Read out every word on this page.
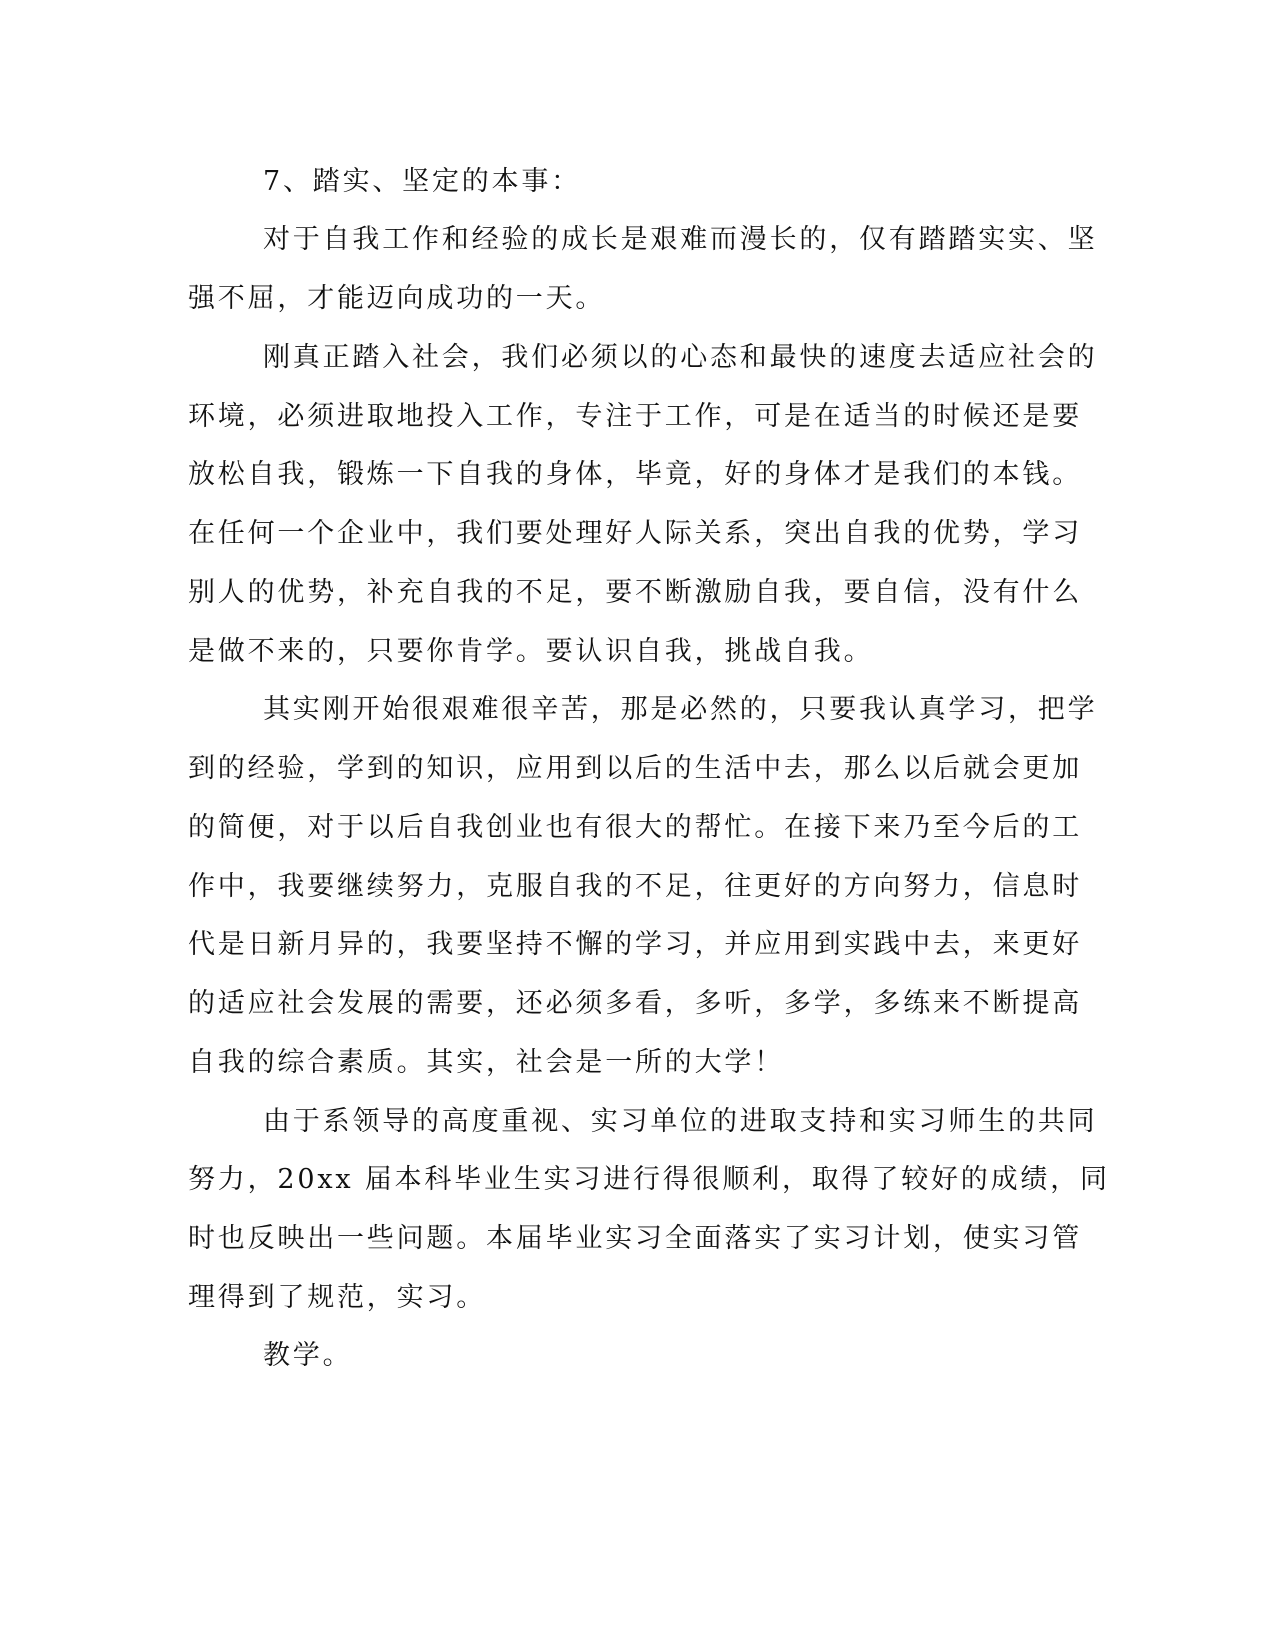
7、踏实、坚定的本事：
对于自我工作和经验的成长是艰难而漫长的，仅有踏踏实实、坚
强不屈，才能迈向成功的一天。
刚真正踏入社会，我们必须以的心态和最快的速度去适应社会的
环境，必须进取地投入工作，专注于工作，可是在适当的时候还是要
放松自我，锻炼一下自我的身体，毕竟，好的身体才是我们的本钱。
在任何一个企业中，我们要处理好人际关系，突出自我的优势，学习
别人的优势，补充自我的不足，要不断激励自我，要自信，没有什么
是做不来的，只要你肯学。要认识自我，挑战自我。
其实刚开始很艰难很辛苦，那是必然的，只要我认真学习，把学
到的经验，学到的知识，应用到以后的生活中去，那么以后就会更加
的简便，对于以后自我创业也有很大的帮忙。在接下来乃至今后的工
作中，我要继续努力，克服自我的不足，往更好的方向努力，信息时
代是日新月异的，我要坚持不懈的学习，并应用到实践中去，来更好
的适应社会发展的需要，还必须多看，多听，多学，多练来不断提高
自我的综合素质。其实，社会是一所的大学！
由于系领导的高度重视、实习单位的进取支持和实习师生的共同
努力，20xx 届本科毕业生实习进行得很顺利，取得了较好的成绩，同
时也反映出一些问题。本届毕业实习全面落实了实习计划，使实习管
理得到了规范，实习。
教学。
